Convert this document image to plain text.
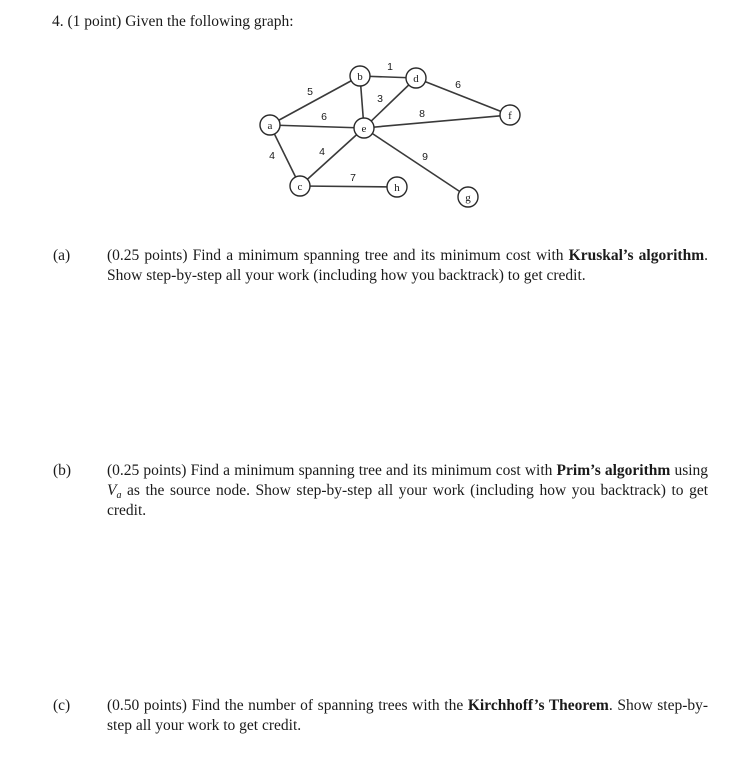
4. (1 point) Given the following graph:
5
6
4
1
3
4
7
8
6
9
a
b
c
d
e
f
g
h
(a) (0.25 points) Find a minimum spanning tree and its minimum cost with Kruskal’s algorithm. Show step-by-step all your work (including how you backtrack) to get credit.
(b) (0.25 points) Find a minimum spanning tree and its minimum cost with Prim’s algorithm using $V_a$ as the source node. Show step-by-step all your work (including how you backtrack) to get credit.
(c) (0.50 points) Find the number of spanning trees with the Kirchhoff’s Theorem. Show step-by-step all your work to get credit.
